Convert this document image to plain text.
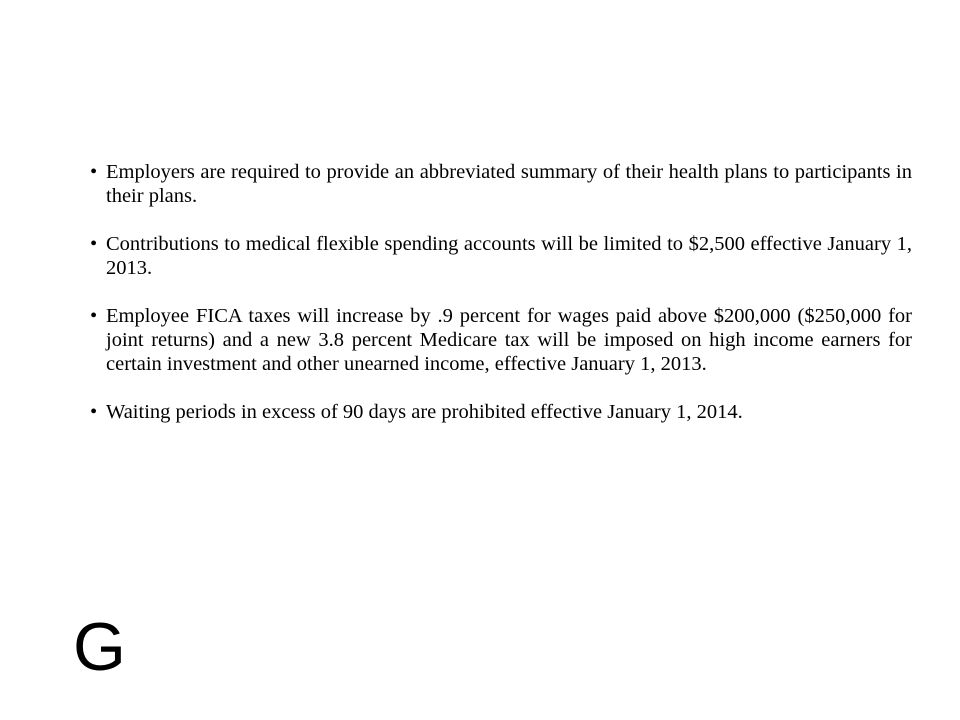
• Employers are required to provide an abbreviated summary of their health plans to participants in their plans.
• Contributions to medical flexible spending accounts will be limited to $2,500 effective January 1, 2013.
• Employee FICA taxes will increase by .9 percent for wages paid above $200,000 ($250,000 for joint returns) and a new 3.8 percent Medicare tax will be imposed on high income earners for certain investment and other unearned income, effective January 1, 2013.
• Waiting periods in excess of 90 days are prohibited effective January 1, 2014.
G
